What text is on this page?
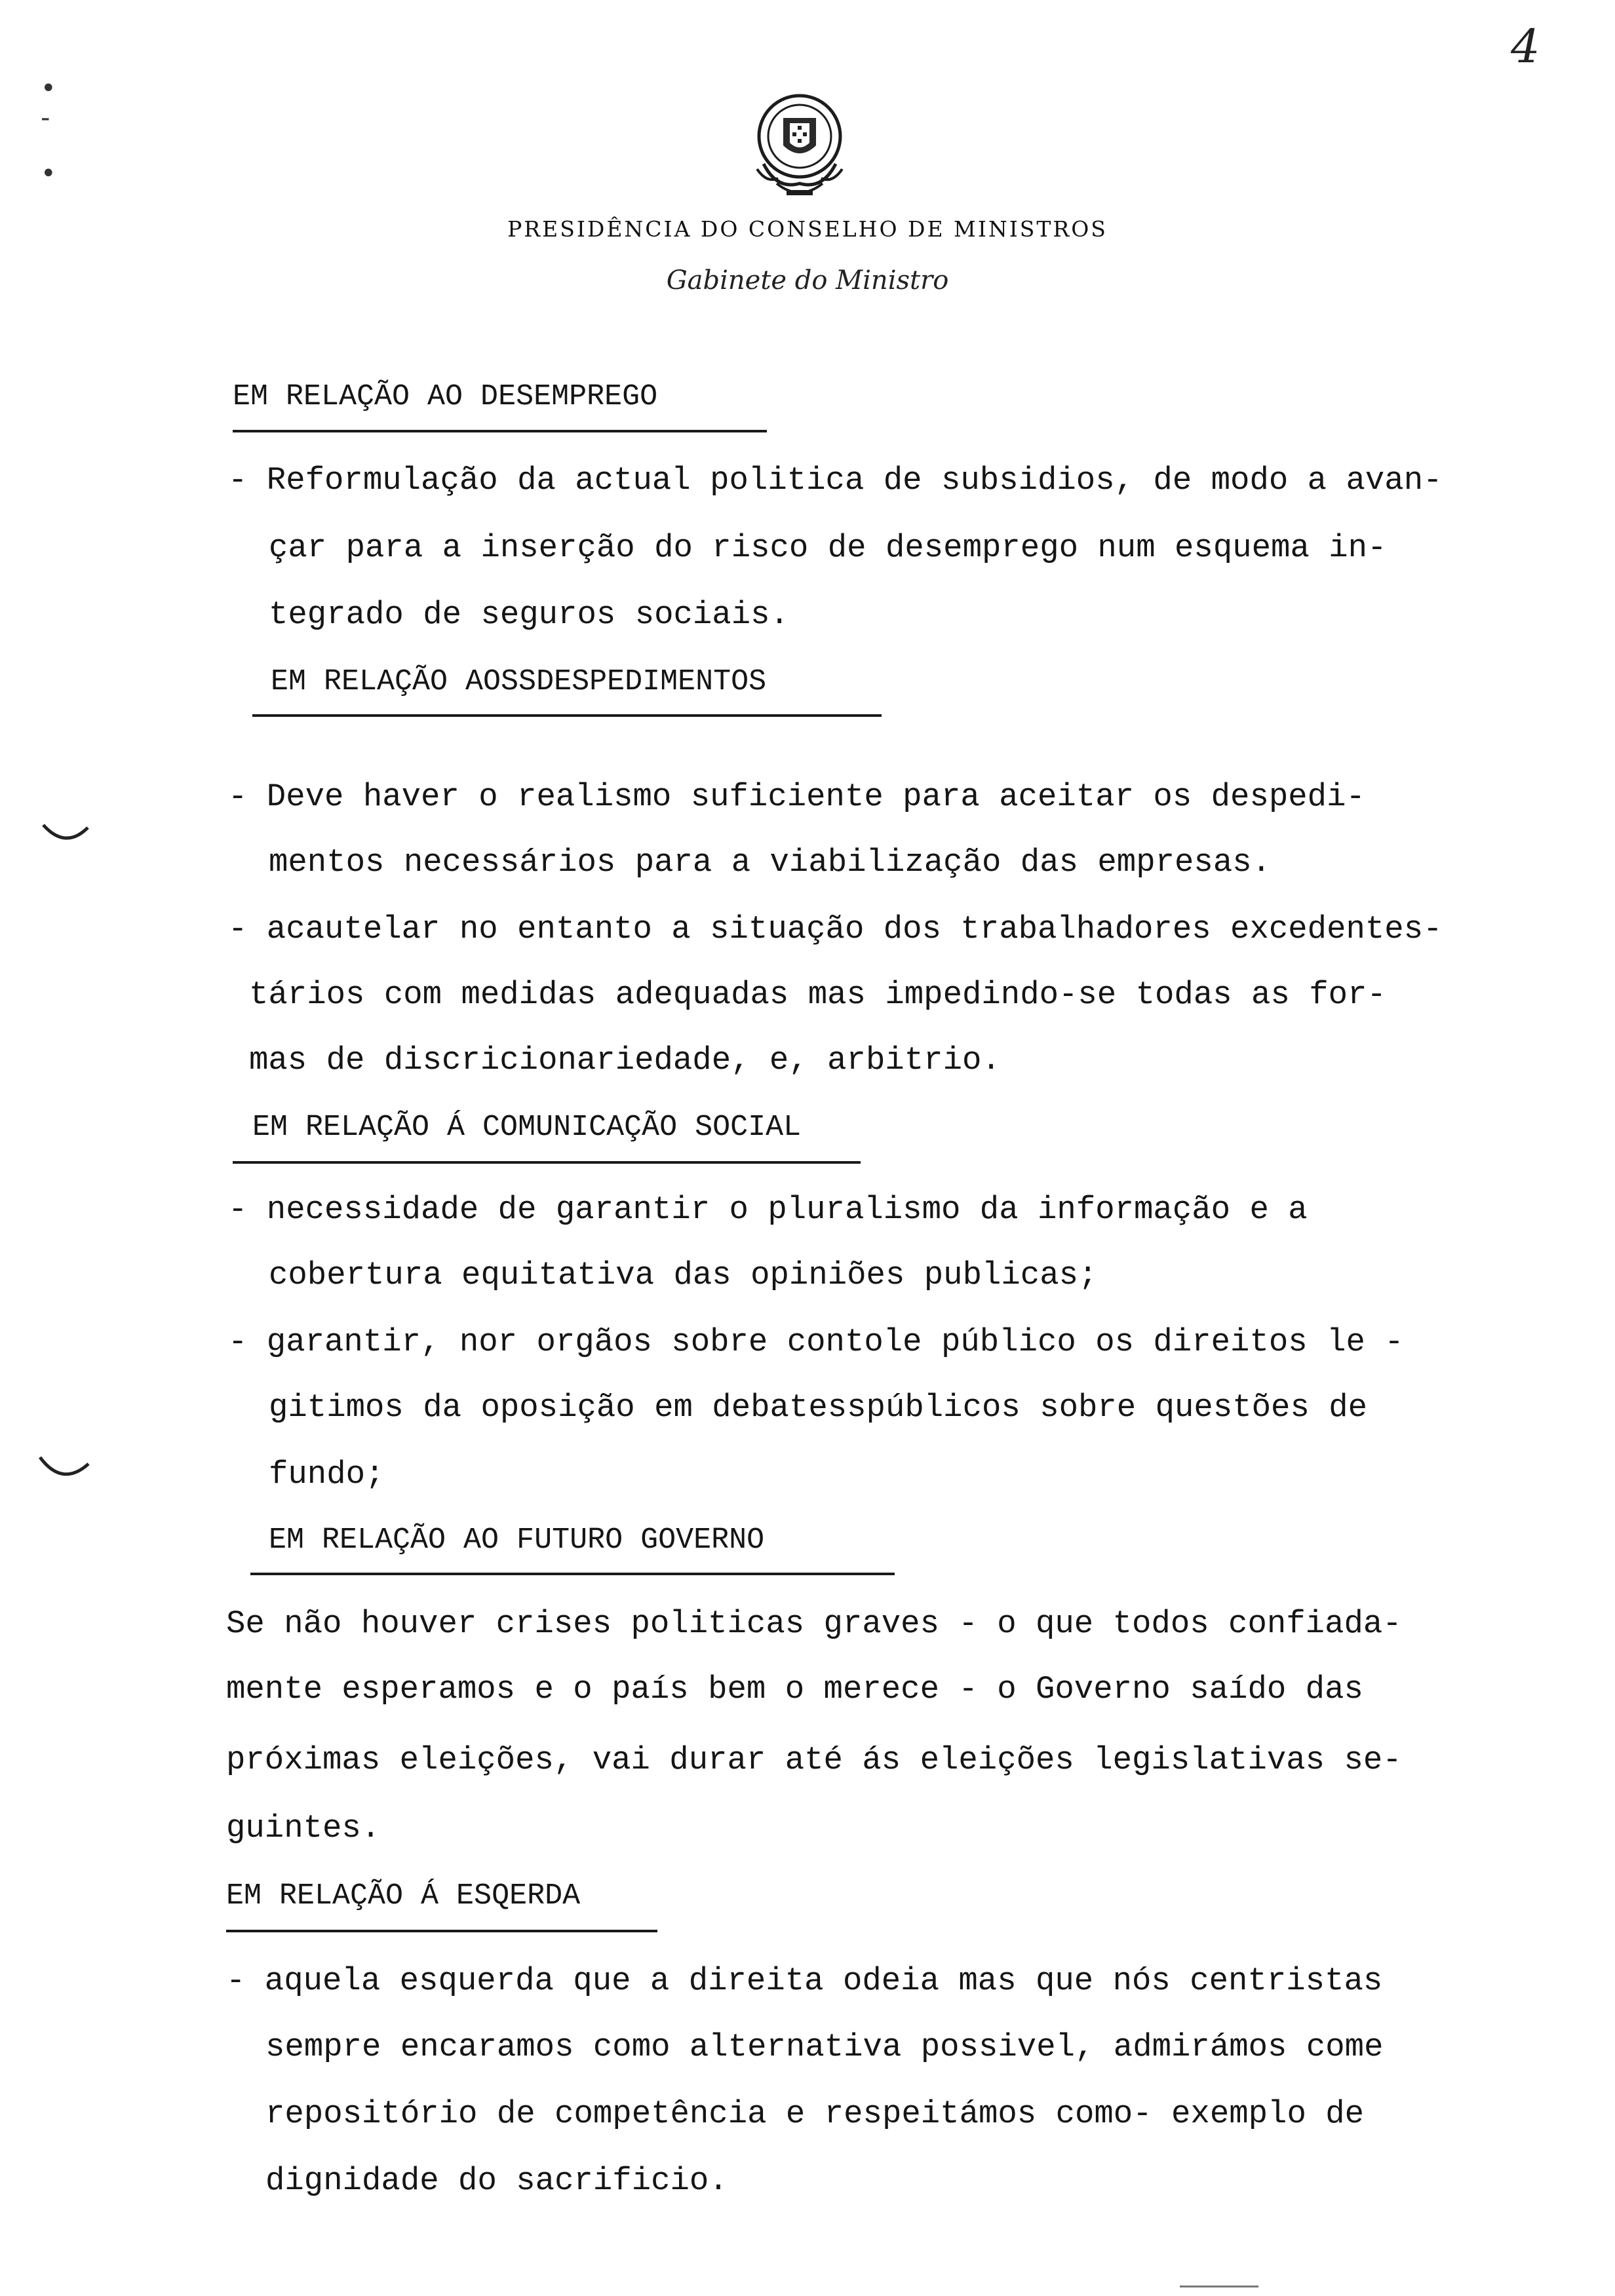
4
•
-
•
PRESIDÊNCIA DO CONSELHO DE MINISTROS
Gabinete do Ministro
EM RELAÇÃO AO DESEMPREGO
- Reformulação da actual politica de subsidios, de modo a avan-
çar para a inserção do risco de desemprego num esquema in-
tegrado de seguros sociais.
EM RELAÇÃO AOSSDESPEDIMENTOS
- Deve haver o realismo suficiente para aceitar os despedi-
mentos necessários para a viabilização das empresas.
- acautelar no entanto a situação dos trabalhadores excedentes-
tários com medidas adequadas mas impedindo-se todas as for-
mas de discricionariedade, e, arbitrio.
EM RELAÇÃO Á COMUNICAÇÃO SOCIAL
- necessidade de garantir o pluralismo da informação e a
cobertura equitativa das opiniões publicas;
- garantir, nor orgãos sobre contole público os direitos le -
gitimos da oposição em debatesspúblicos sobre questões de
fundo;
EM RELAÇÃO AO FUTURO GOVERNO
Se não houver crises politicas graves - o que todos confiada-
mente esperamos e o país bem o merece - o Governo saído das
próximas eleições, vai durar até ás eleições legislativas se-
guintes.
EM RELAÇÃO Á ESQERDA
- aquela esquerda que a direita odeia mas que nós centristas
sempre encaramos como alternativa possivel, admirámos come
repositório de competência e respeitámos como- exemplo de
dignidade do sacrificio.
